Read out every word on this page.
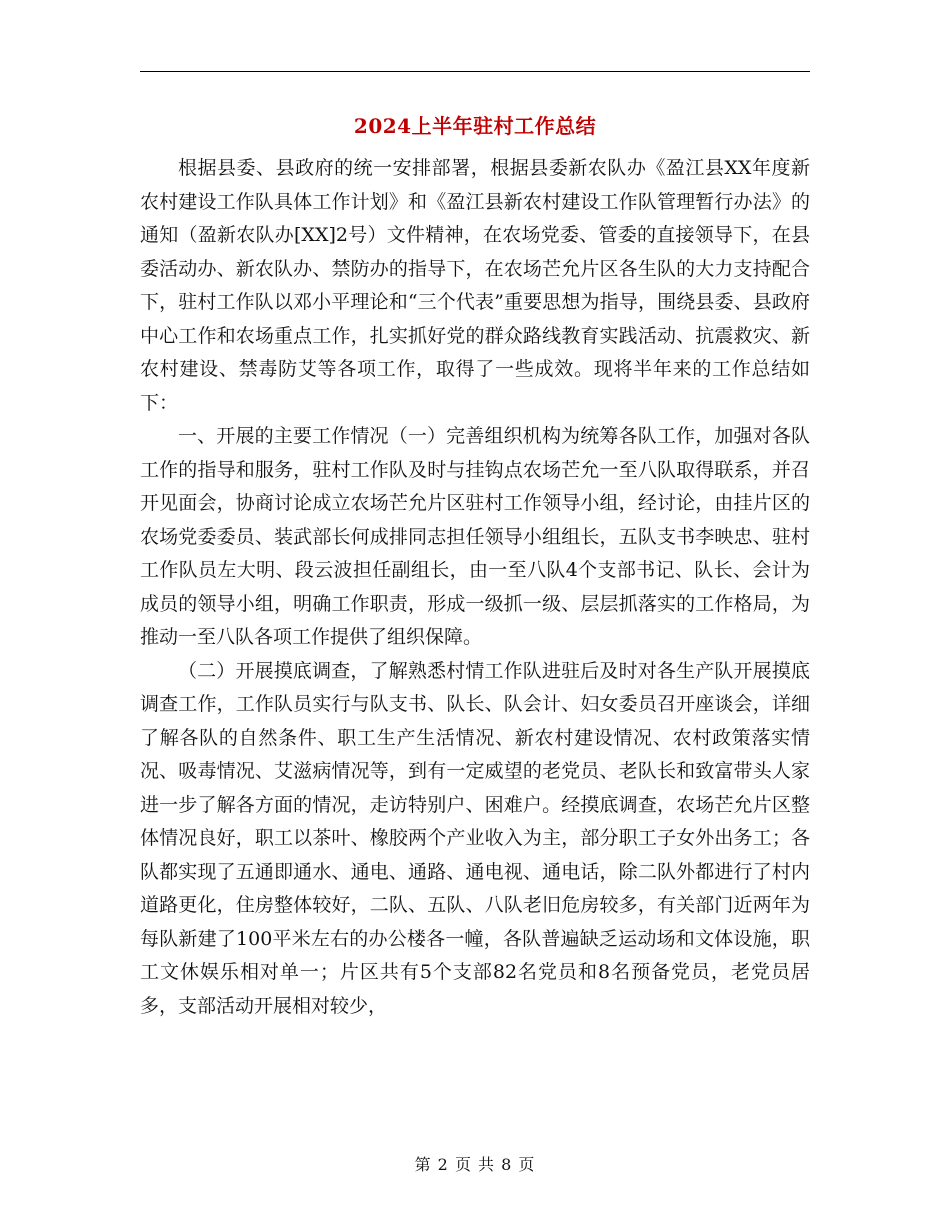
2024上半年驻村工作总结

根据县委、县政府的统一安排部署，根据县委新农队办《盈江县XX年度新农村建设工作队具体工作计划》和《盈江县新农村建设工作队管理暂行办法》的通知（盈新农队办[XX]2号）文件精神，在农场党委、管委的直接领导下，在县委活动办、新农队办、禁防办的指导下，在农场芒允片区各生队的大力支持配合下，驻村工作队以邓小平理论和“三个代表”重要思想为指导，围绕县委、县政府中心工作和农场重点工作，扎实抓好党的群众路线教育实践活动、抗震救灾、新农村建设、禁毒防艾等各项工作，取得了一些成效。现将半年来的工作总结如下：

一、开展的主要工作情况（一）完善组织机构为统筹各队工作，加强对各队工作的指导和服务，驻村工作队及时与挂钩点农场芒允一至八队取得联系，并召开见面会，协商讨论成立农场芒允片区驻村工作领导小组，经讨论，由挂片区的农场党委委员、装武部长何成排同志担任领导小组组长，五队支书李映忠、驻村工作队员左大明、段云波担任副组长，由一至八队4个支部书记、队长、会计为成员的领导小组，明确工作职责，形成一级抓一级、层层抓落实的工作格局，为推动一至八队各项工作提供了组织保障。

（二）开展摸底调查，了解熟悉村情工作队进驻后及时对各生产队开展摸底调查工作，工作队员实行与队支书、队长、队会计、妇女委员召开座谈会，详细了解各队的自然条件、职工生产生活情况、新农村建设情况、农村政策落实情况、吸毒情况、艾滋病情况等，到有一定威望的老党员、老队长和致富带头人家进一步了解各方面的情况，走访特别户、困难户。经摸底调查，农场芒允片区整体情况良好，职工以茶叶、橡胶两个产业收入为主，部分职工子女外出务工；各队都实现了五通即通水、通电、通路、通电视、通电话，除二队外都进行了村内道路更化，住房整体较好，二队、五队、八队老旧危房较多，有关部门近两年为每队新建了100平米左右的办公楼各一幢，各队普遍缺乏运动场和文体设施，职工文休娱乐相对单一；片区共有5个支部82名党员和8名预备党员，老党员居多，支部活动开展相对较少，

第 2 页 共 8 页
